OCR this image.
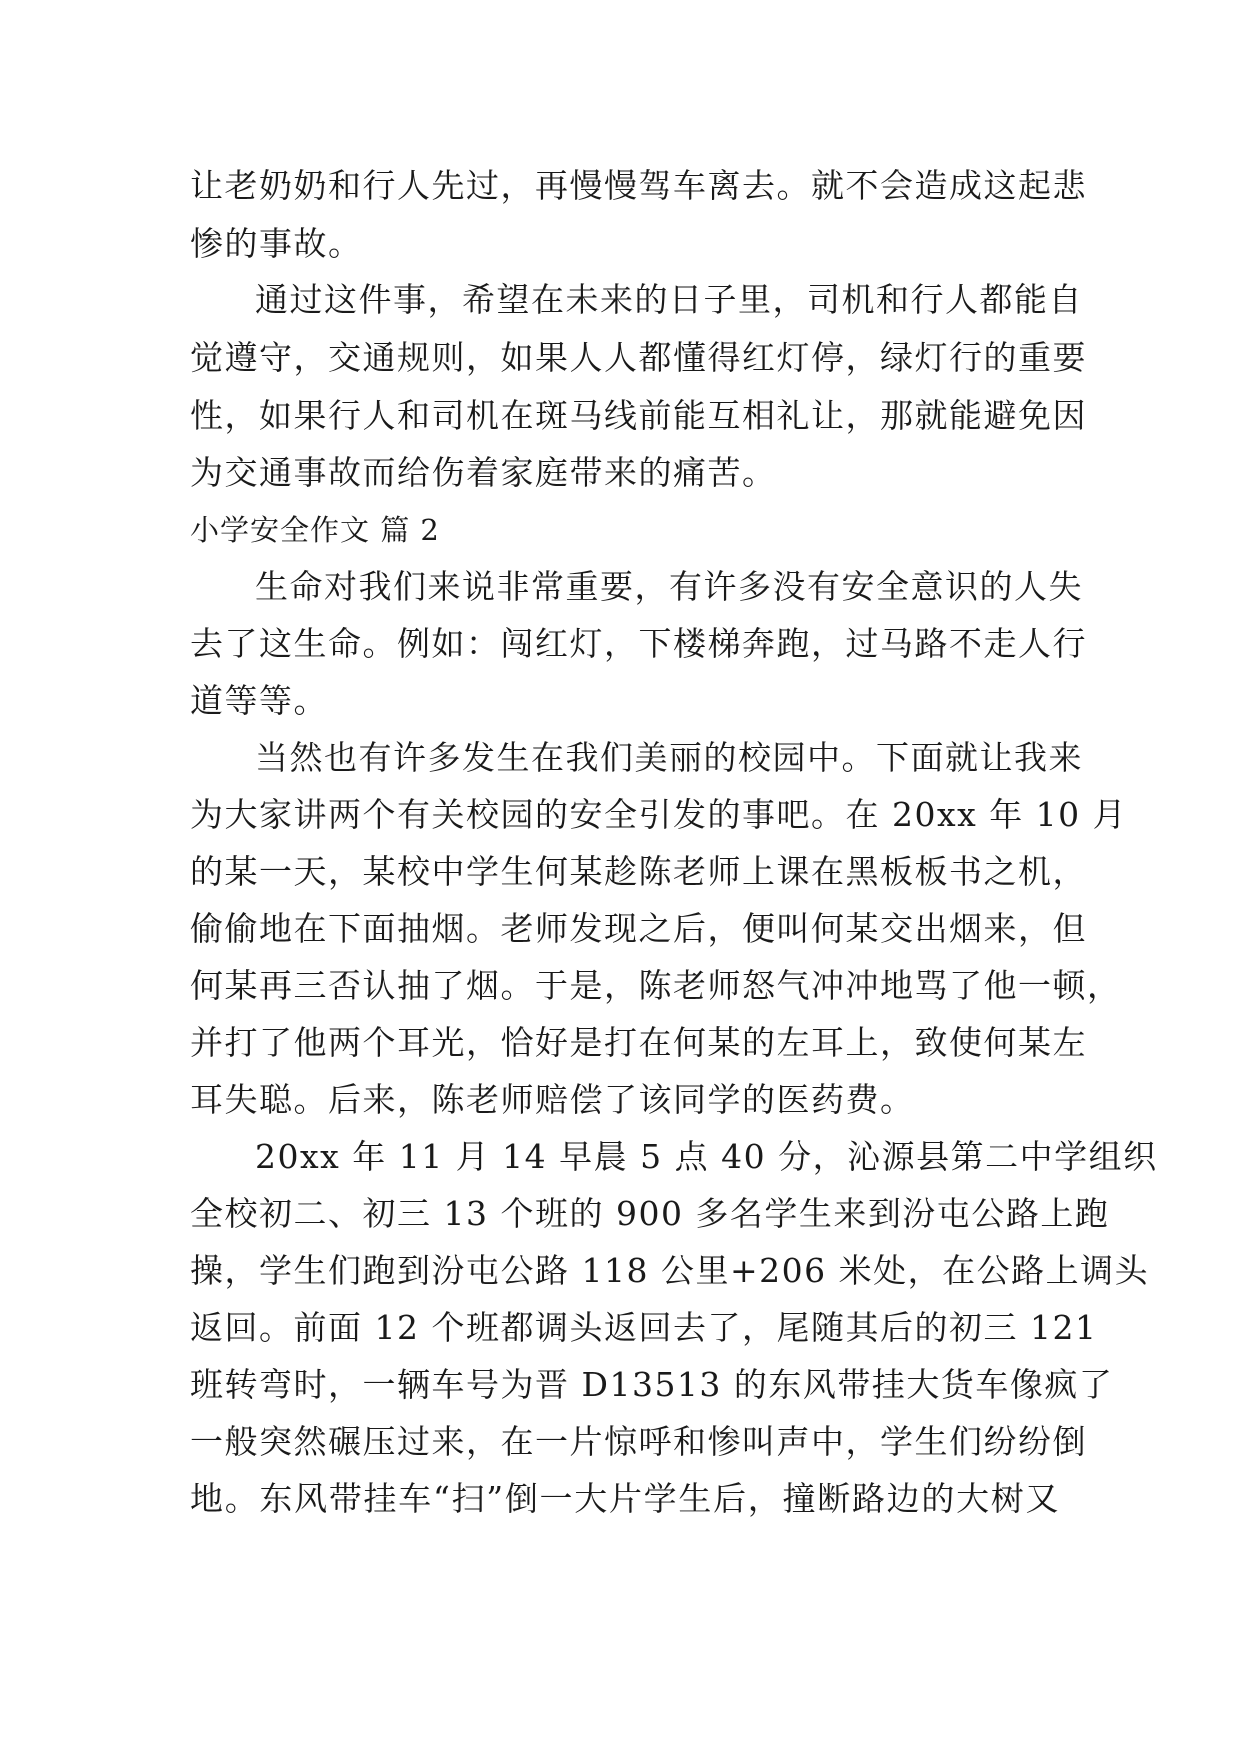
让老奶奶和行人先过，再慢慢驾车离去。就不会造成这起悲
惨的事故。
通过这件事，希望在未来的日子里，司机和行人都能自
觉遵守，交通规则，如果人人都懂得红灯停，绿灯行的重要
性，如果行人和司机在斑马线前能互相礼让，那就能避免因
为交通事故而给伤着家庭带来的痛苦。
小学安全作文 篇 2
生命对我们来说非常重要，有许多没有安全意识的人失
去了这生命。例如：闯红灯，下楼梯奔跑，过马路不走人行
道等等。
当然也有许多发生在我们美丽的校园中。下面就让我来
为大家讲两个有关校园的安全引发的事吧。在 20xx 年 10 月
的某一天，某校中学生何某趁陈老师上课在黑板板书之机，
偷偷地在下面抽烟。老师发现之后，便叫何某交出烟来，但
何某再三否认抽了烟。于是，陈老师怒气冲冲地骂了他一顿，
并打了他两个耳光，恰好是打在何某的左耳上，致使何某左
耳失聪。后来，陈老师赔偿了该同学的医药费。
20xx 年 11 月 14 早晨 5 点 40 分，沁源县第二中学组织
全校初二、初三 13 个班的 900 多名学生来到汾屯公路上跑
操，学生们跑到汾屯公路 118 公里+206 米处，在公路上调头
返回。前面 12 个班都调头返回去了，尾随其后的初三 121
班转弯时，一辆车号为晋 D13513 的东风带挂大货车像疯了
一般突然碾压过来，在一片惊呼和惨叫声中，学生们纷纷倒
地。东风带挂车“扫”倒一大片学生后，撞断路边的大树又
